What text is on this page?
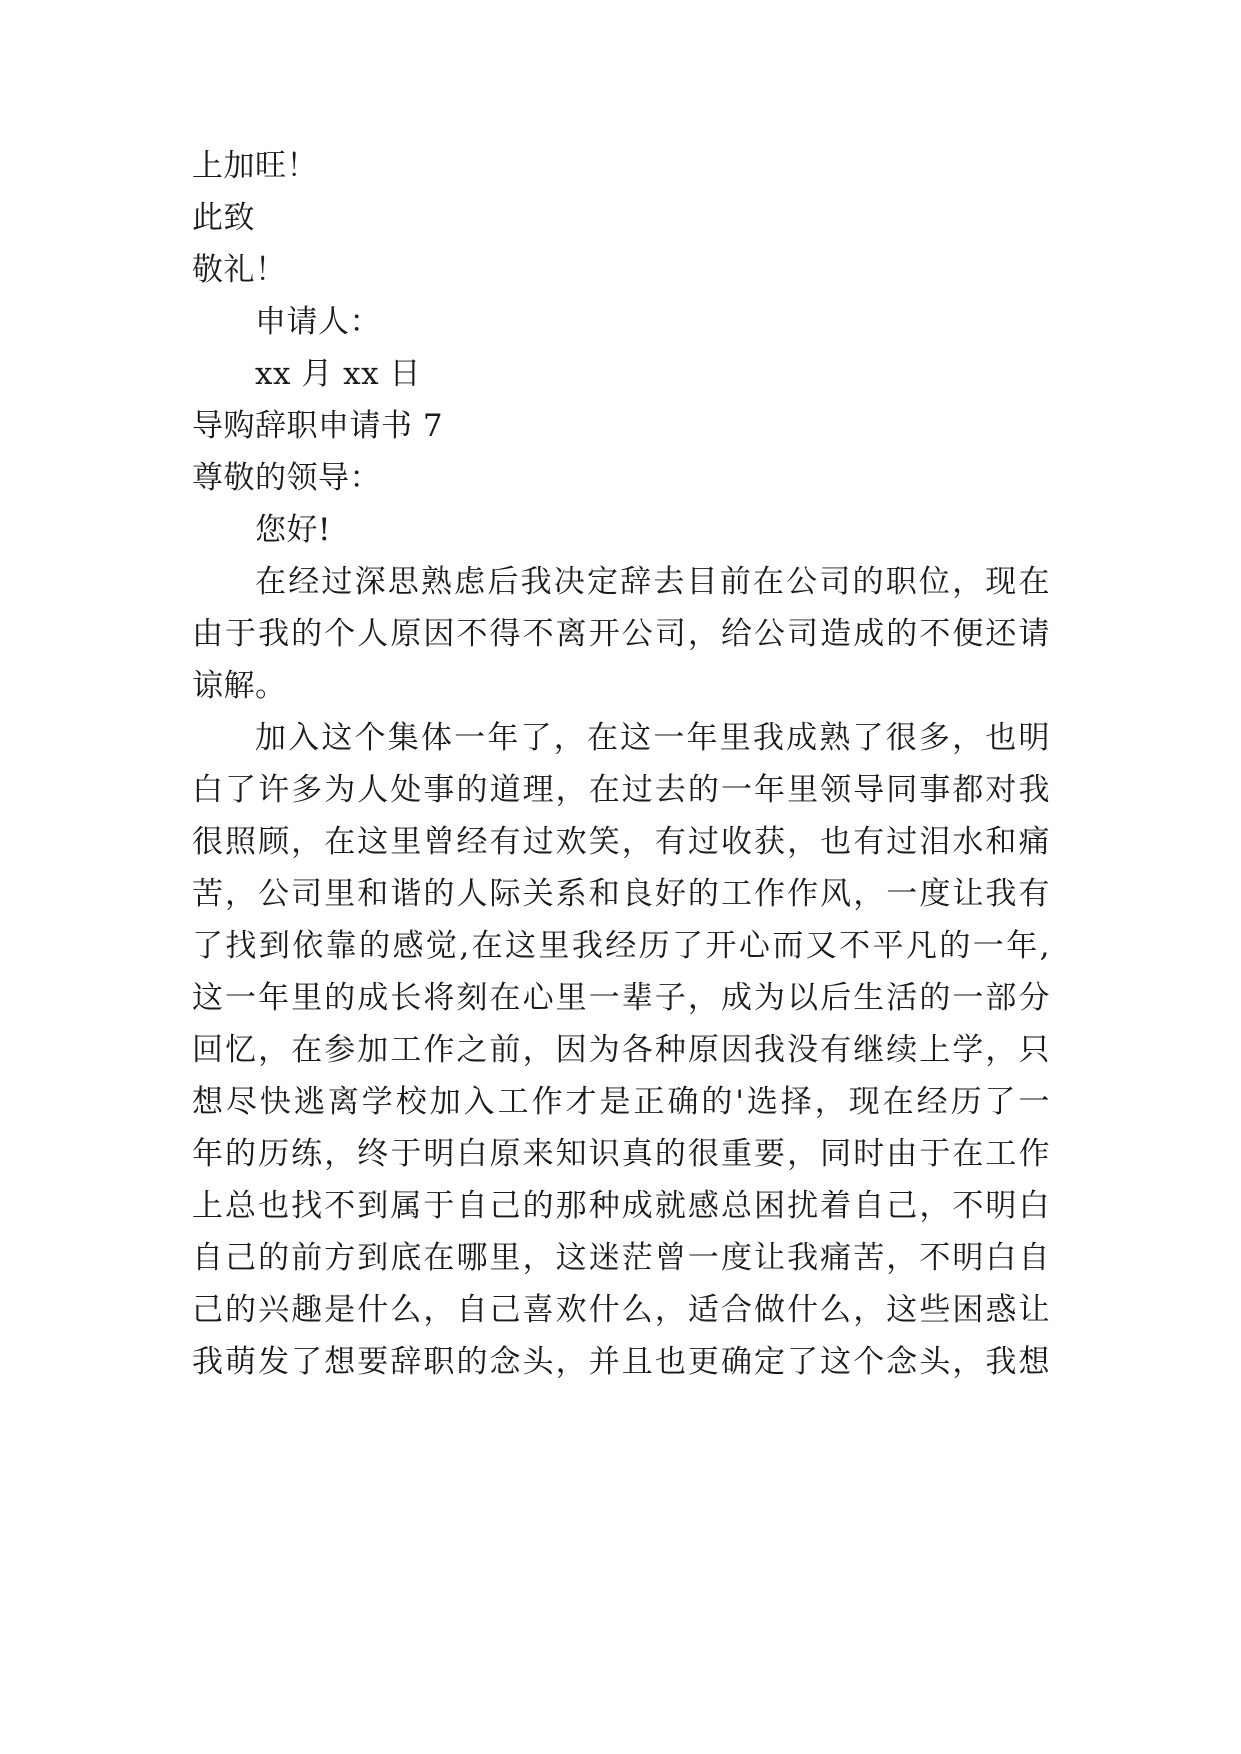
上加旺！
此致
敬礼！
申请人：
xx 月 xx 日
导购辞职申请书 7
尊敬的领导：
您好!
在经过深思熟虑后我决定辞去目前在公司的职位，现在
由于我的个人原因不得不离开公司，给公司造成的不便还请
谅解。
加入这个集体一年了，在这一年里我成熟了很多，也明
白了许多为人处事的道理，在过去的一年里领导同事都对我
很照顾，在这里曾经有过欢笑，有过收获，也有过泪水和痛
苦，公司里和谐的人际关系和良好的工作作风，一度让我有
了找到依靠的感觉,在这里我经历了开心而又不平凡的一年,
这一年里的成长将刻在心里一辈子，成为以后生活的一部分
回忆，在参加工作之前，因为各种原因我没有继续上学，只
想尽快逃离学校加入工作才是正确的'选择，现在经历了一
年的历练，终于明白原来知识真的很重要，同时由于在工作
上总也找不到属于自己的那种成就感总困扰着自己，不明白
自己的前方到底在哪里，这迷茫曾一度让我痛苦，不明白自
己的兴趣是什么，自己喜欢什么，适合做什么，这些困惑让
我萌发了想要辞职的念头，并且也更确定了这个念头，我想
